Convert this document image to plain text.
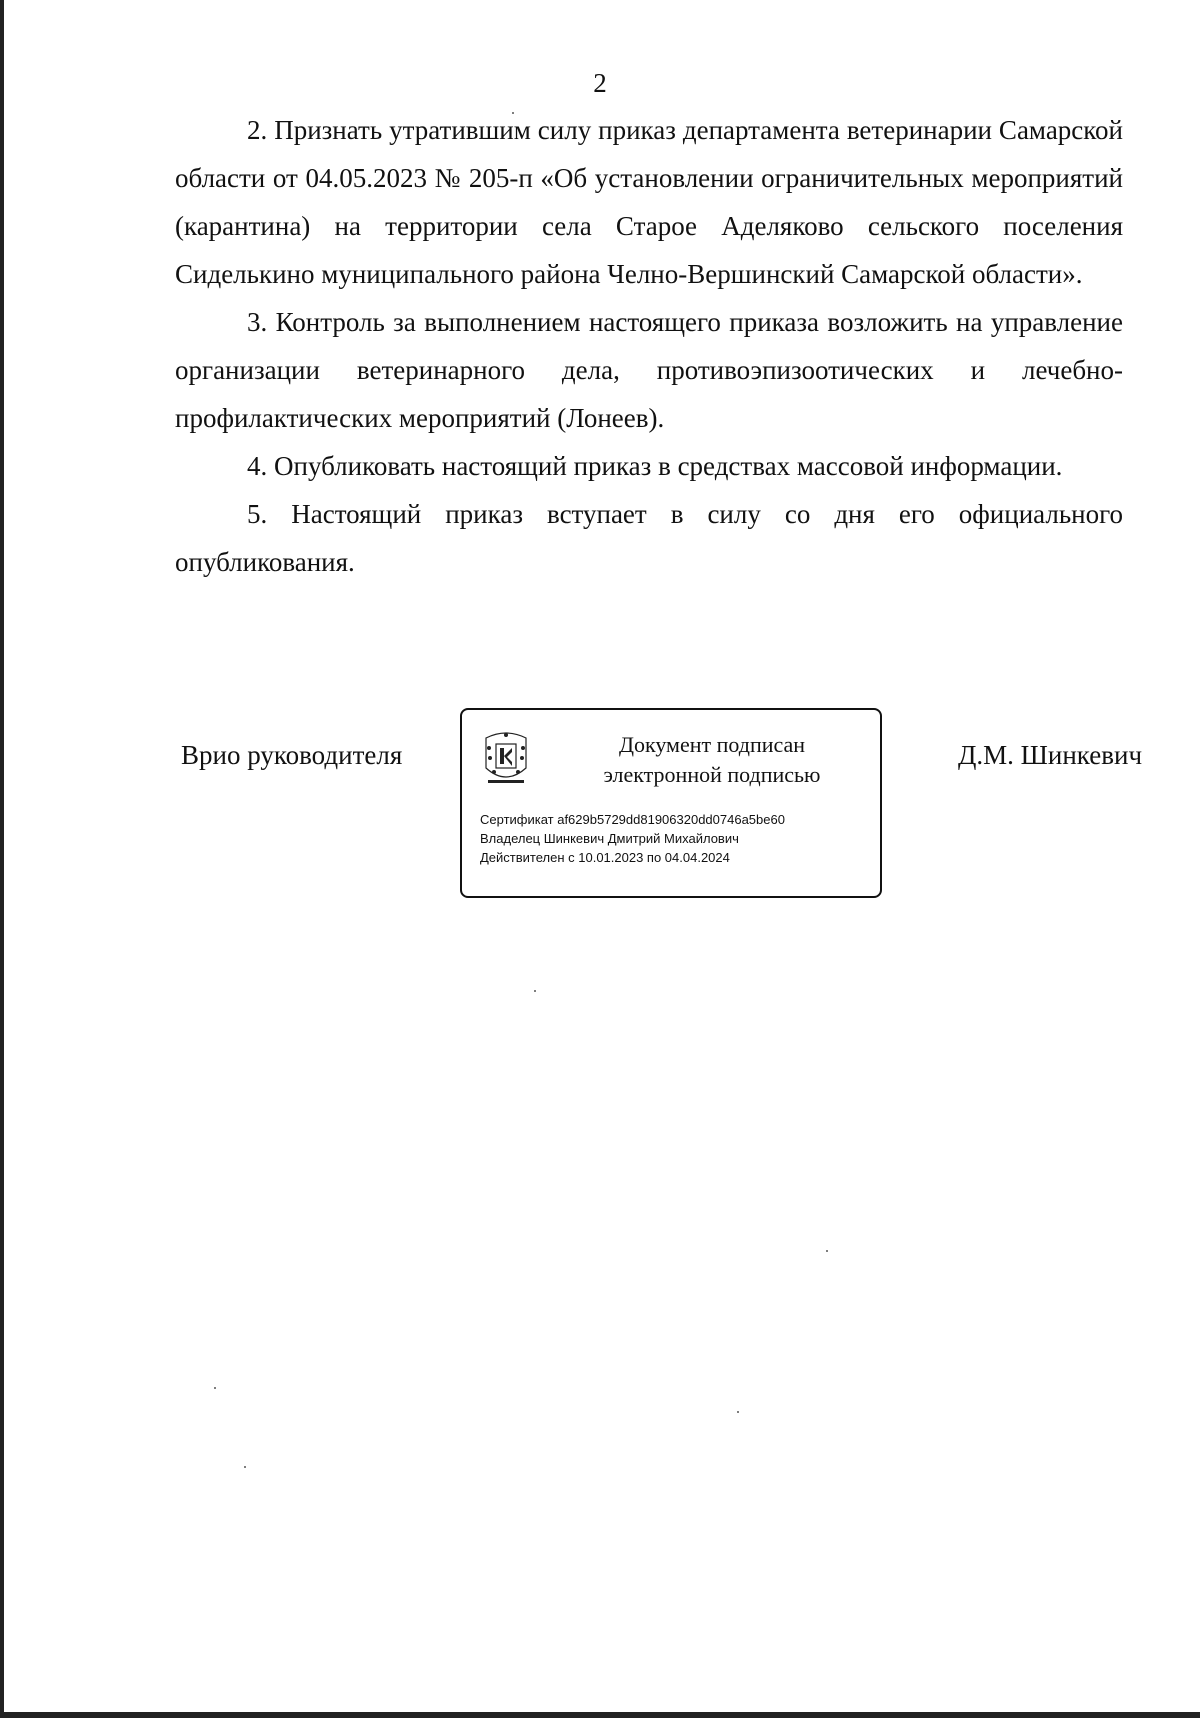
2

2. Признать утратившим силу приказ департамента ветеринарии Самарской области от 04.05.2023 № 205-п «Об установлении ограничительных мероприятий (карантина) на территории села Старое Аделяково сельского поселения Сиделькино муниципального района Челно-Вершинский Самарской области».

3. Контроль за выполнением настоящего приказа возложить на управление организации ветеринарного дела, противоэпизоотических и лечебно-профилактических мероприятий (Лонеев).

4. Опубликовать настоящий приказ в средствах массовой информации.

5. Настоящий приказ вступает в силу со дня его официального опубликования.

Врио руководителя	Документ подписан
электронной подписью
Сертификат af629b5729dd81906320dd0746a5be60
Владелец Шинкевич Дмитрий Михайлович
Действителен с 10.01.2023 по 04.04.2024
Д.М. Шинкевич
